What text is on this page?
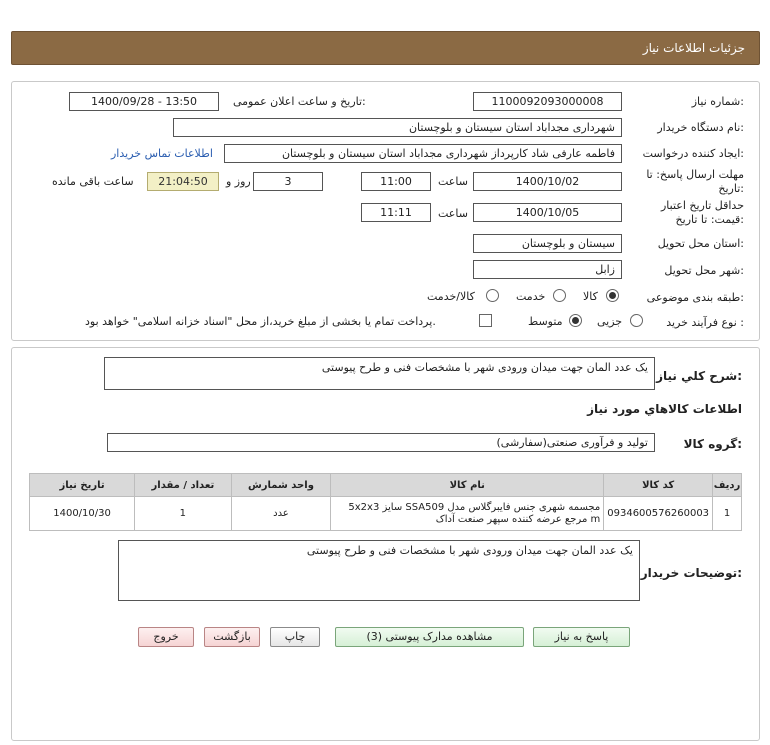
جزئیات اطلاعات نیاز
شماره نیاز:
1100092093000008
تاریخ و ساعت اعلان عمومی:
1400/09/28 - 13:50
نام دستگاه خریدار:
شهرداری مجداباد استان سیستان و بلوچستان
ایجاد کننده درخواست:
فاطمه عارفی شاد کارپرداز شهرداری مجداباد استان سیستان و بلوچستان
اطلاعات تماس خریدار
مهلت ارسال پاسخ: تا
تاریخ:
1400/10/02
ساعت
11:00
3
روز و
21:04:50
ساعت باقی مانده
حداقل تاریخ اعتبار
قیمت: تا تاریخ:
1400/10/05
ساعت
11:11
استان محل تحویل:
سیستان و بلوچستان
شهر محل تحویل:
زابل
طبقه بندی موضوعی:
کالا
خدمت
کالا/خدمت
نوع فرآیند خرید :
جزیی
متوسط
پرداخت تمام یا بخشی از مبلغ خرید،از محل "اسناد خزانه اسلامی" خواهد بود.
شرح کلي نياز:
یک عدد المان جهت میدان ورودی شهر با مشخصات فنی و طرح پیوستی
اطلاعات کالاهاي مورد نياز
گروه کالا:
تولید و فرآوری صنعتی(سفارشی)
ردیف	کد کالا	نام کالا	واحد شمارش	تعداد / مقدار	تاریخ نیاز
1	0934600576260003	مجسمه شهری جنس فایبرگلاس مدل SSA509 سایز 5x2x3
m مرجع عرضه کننده سپهر صنعت آداک	عدد	1	1400/10/30
توضیحات خریدار:
یک عدد المان جهت میدان ورودی شهر با مشخصات فنی و طرح پیوستی
پاسخ به نیاز
مشاهده مدارک پیوستی (3)
چاپ
بازگشت
خروج
